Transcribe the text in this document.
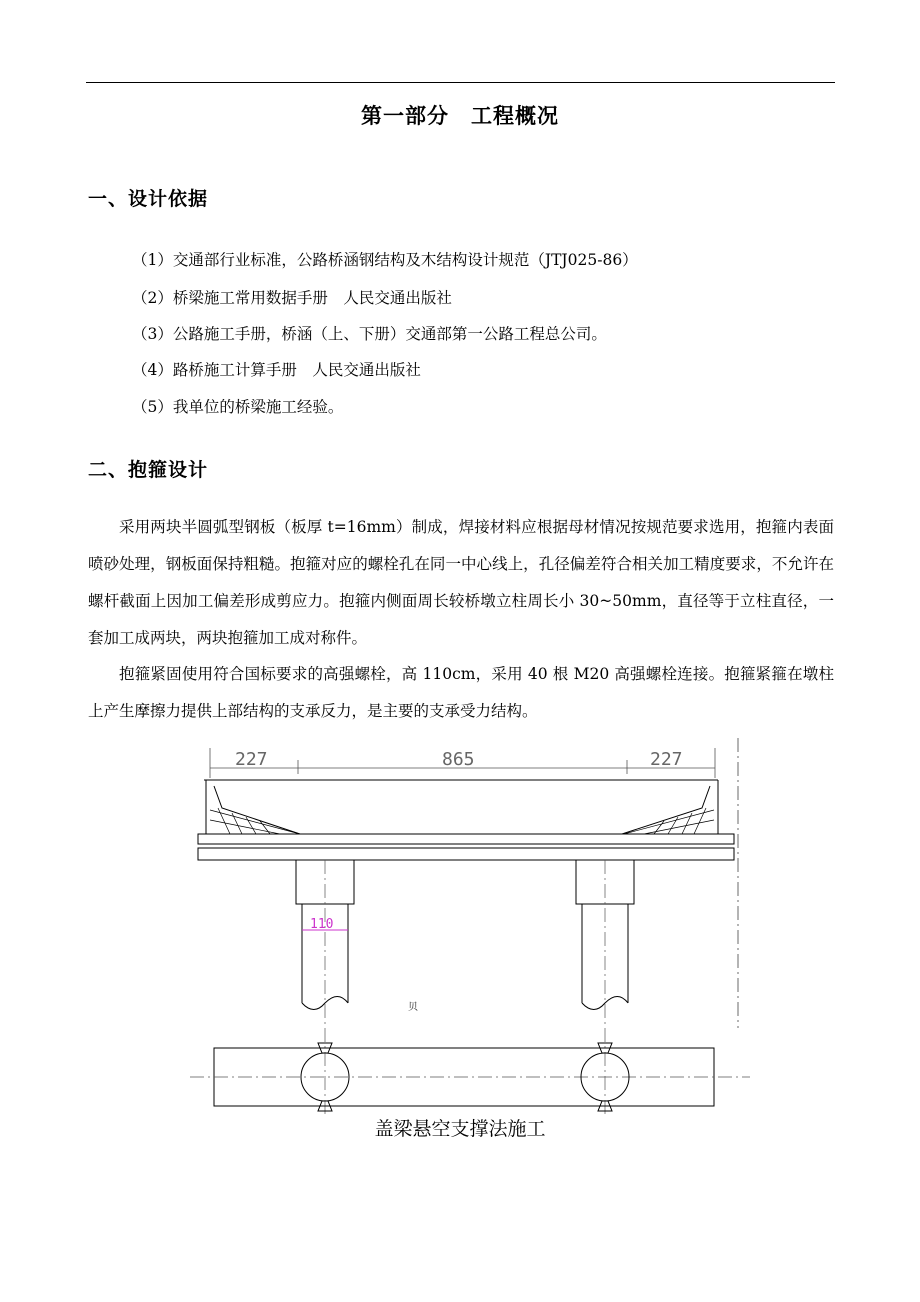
第一部分　工程概况
一、设计依据
（1）交通部行业标准，公路桥涵钢结构及木结构设计规范（JTJ025-86）
（2）桥梁施工常用数据手册　人民交通出版社
（3）公路施工手册，桥涵（上、下册）交通部第一公路工程总公司。
（4）路桥施工计算手册　人民交通出版社
（5）我单位的桥梁施工经验。
二、抱箍设计
采用两块半圆弧型钢板（板厚 t=16mm）制成，焊接材料应根据母材情况按规范要求选用，抱箍内表面喷砂处理，钢板面保持粗糙。抱箍对应的螺栓孔在同一中心线上，孔径偏差符合相关加工精度要求，不允许在螺杆截面上因加工偏差形成剪应力。抱箍内侧面周长较桥墩立柱周长小 30~50mm，直径等于立柱直径，一套加工成两块，两块抱箍加工成对称件。
抱箍紧固使用符合国标要求的高强螺栓，高 110cm，采用 40 根 M20 高强螺栓连接。抱箍紧箍在墩柱上产生摩擦力提供上部结构的支承反力，是主要的支承受力结构。
110
227	865	227
贝
盖梁悬空支撑法施工
